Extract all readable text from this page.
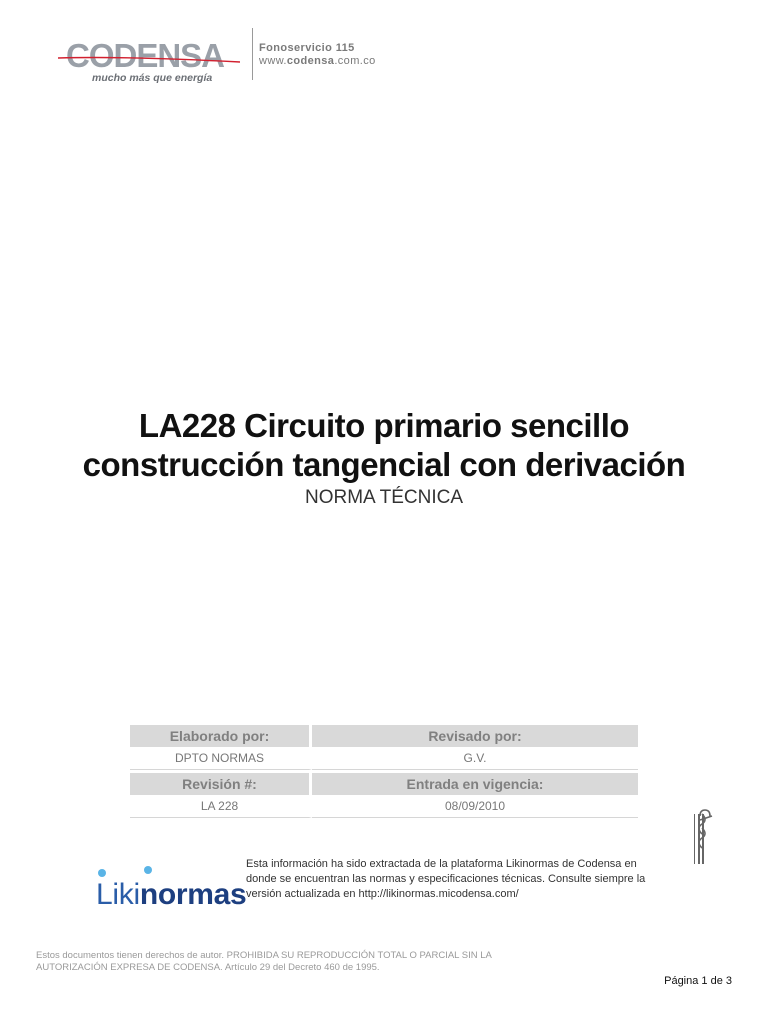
CODENSA
mucho más que energía
Fonoservicio 115
www.codensa.com.co
LA228 Circuito primario sencillo
construcción tangencial con derivación
NORMA TÉCNICA
Elaborado por:	Revisado por:
DPTO NORMAS	G.V.

Revisión #:	Entrada en vigencia:
LA 228	08/09/2010
Likinormas
Esta información ha sido extractada de la plataforma Likinormas de Codensa en donde se encuentran las normas y especificaciones técnicas. Consulte siempre la versión actualizada en http://likinormas.micodensa.com/
Estos documentos tienen derechos de autor. PROHIBIDA SU REPRODUCCIÓN TOTAL O PARCIAL SIN LA AUTORIZACIÓN EXPRESA DE CODENSA. Artículo 29 del Decreto 460 de 1995.
Página 1 de 3
